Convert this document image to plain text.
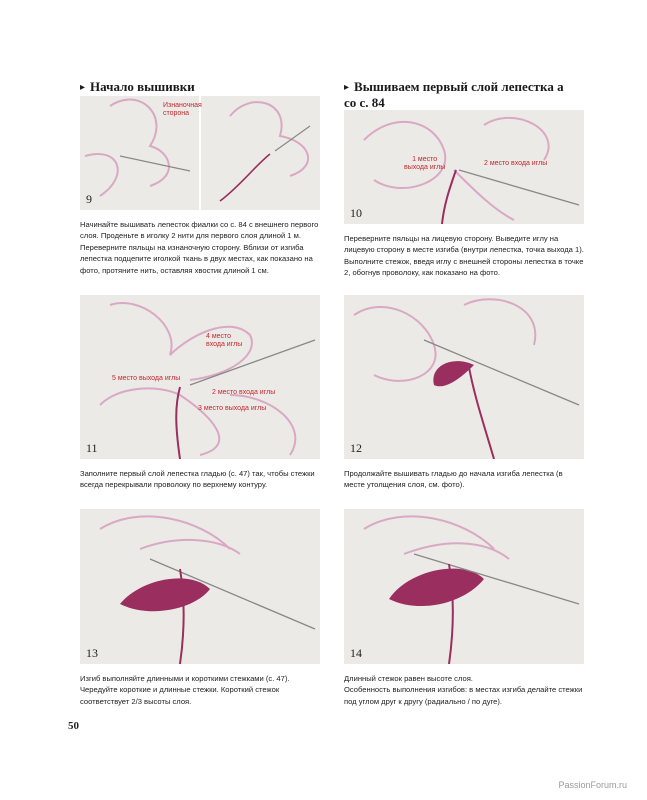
▸ Начало вышивки	▸ Вышиваем первый слой лепестка а
со с. 84
Изнаночная
сторона
9

Начинайте вышивать лепесток фиалки со с. 84 с внешнего первого слоя. Проденьте в иголку 2 нити для первого слоя длиной 1 м. Переверните пяльцы на изнаночную сторону. Вблизи от изгиба лепестка подцепите иголкой ткань в двух местах, как показано на фото, протяните нить, оставляя хвостик длиной 1 см.

1 место
выхода иглы
2 место входа иглы
10

Переверните пяльцы на лицевую сторону. Выведите иглу на лицевую сторону в месте изгиба (внутри лепестка, точка выхода 1). Выполните стежок, введя иглу с внешней стороны лепестка в точке 2, обогнув проволоку, как показано на фото.

4 место
входа иглы
5 место выхода иглы
2 место входа иглы
3 место выхода иглы
11

Заполните первый слой лепестка гладью (с. 47) так, чтобы стежки всегда перекрывали проволоку по верхнему контуру.

12

Продолжайте вышивать гладью до начала изгиба лепестка (в месте утолщения слоя, см. фото).

13

Изгиб выполняйте длинными и короткими стежками (с. 47). Чередуйте короткие и длинные стежки. Короткий стежок соответствует 2/3 высоты слоя.

14

Длинный стежок равен высоте слоя.

Особенность выполнения изгибов: в местах изгиба делайте стежки под углом друг к другу (радиально / по дуге).

50
PassionForum.ru
